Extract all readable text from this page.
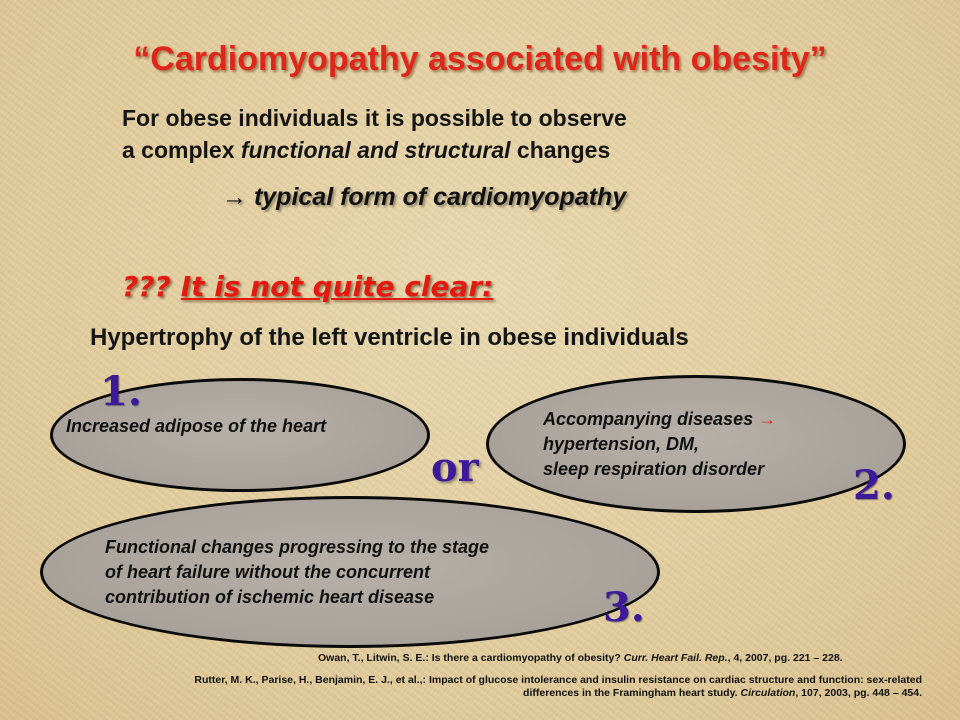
“Cardiomyopathy associated with obesity”
For obese individuals it is possible to observe
a complex functional and structural changes
→ typical form of cardiomyopathy
??? It is not quite clear:
Hypertrophy of the left ventricle in obese individuals
Increased adipose of the heart
1.
Accompanying diseases →
hypertension, DM,
sleep respiration disorder	2.
or
Functional changes progressing to the stage
of heart failure without the concurrent
contribution of ischemic heart disease	3.
Owan, T., Litwin, S. E.: Is there a cardiomyopathy of obesity? Curr. Heart Fail. Rep., 4, 2007, pg. 221 – 228.
Rutter, M. K., Parise, H., Benjamin, E. J., et al.,: Impact of glucose intolerance and insulin resistance on cardiac structure and function: sex-related
differences in the Framingham heart study. Circulation, 107, 2003, pg. 448 – 454.
